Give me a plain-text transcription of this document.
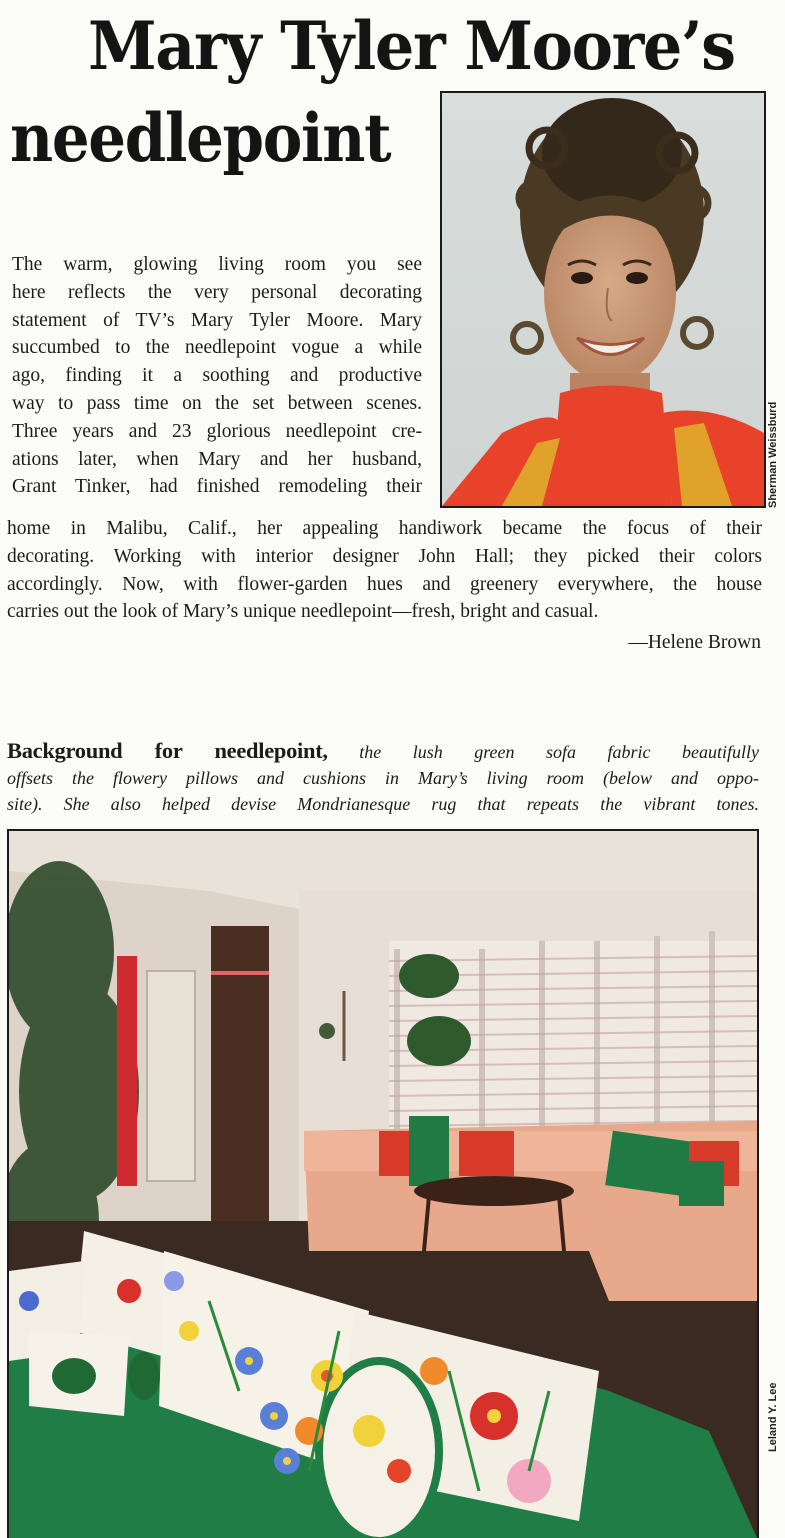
Mary Tyler Moore’s
needlepoint
Sherman Weissburd

The warm, glowing living room you see
here reflects the very personal decorating
statement of TV’s Mary Tyler Moore. Mary
succumbed to the needlepoint vogue a while
ago, finding it a soothing and productive
way to pass time on the set between scenes.
Three years and 23 glorious needlepoint cre-
ations later, when Mary and her husband,
Grant Tinker, had finished remodeling their

home in Malibu, Calif., her appealing handiwork became the focus of their
decorating. Working with interior designer John Hall; they picked their colors
accordingly. Now, with flower-garden hues and greenery everywhere, the house
carries out the look of Mary’s unique needlepoint—fresh, bright and casual.

—Helene Brown
Background for needlepoint, the lush green sofa fabric beautifully
offsets the flowery pillows and cushions in Mary’s living room (below and oppo-
site). She also helped devise Mondrianesque rug that repeats the vibrant tones.
Leland Y. Lee
